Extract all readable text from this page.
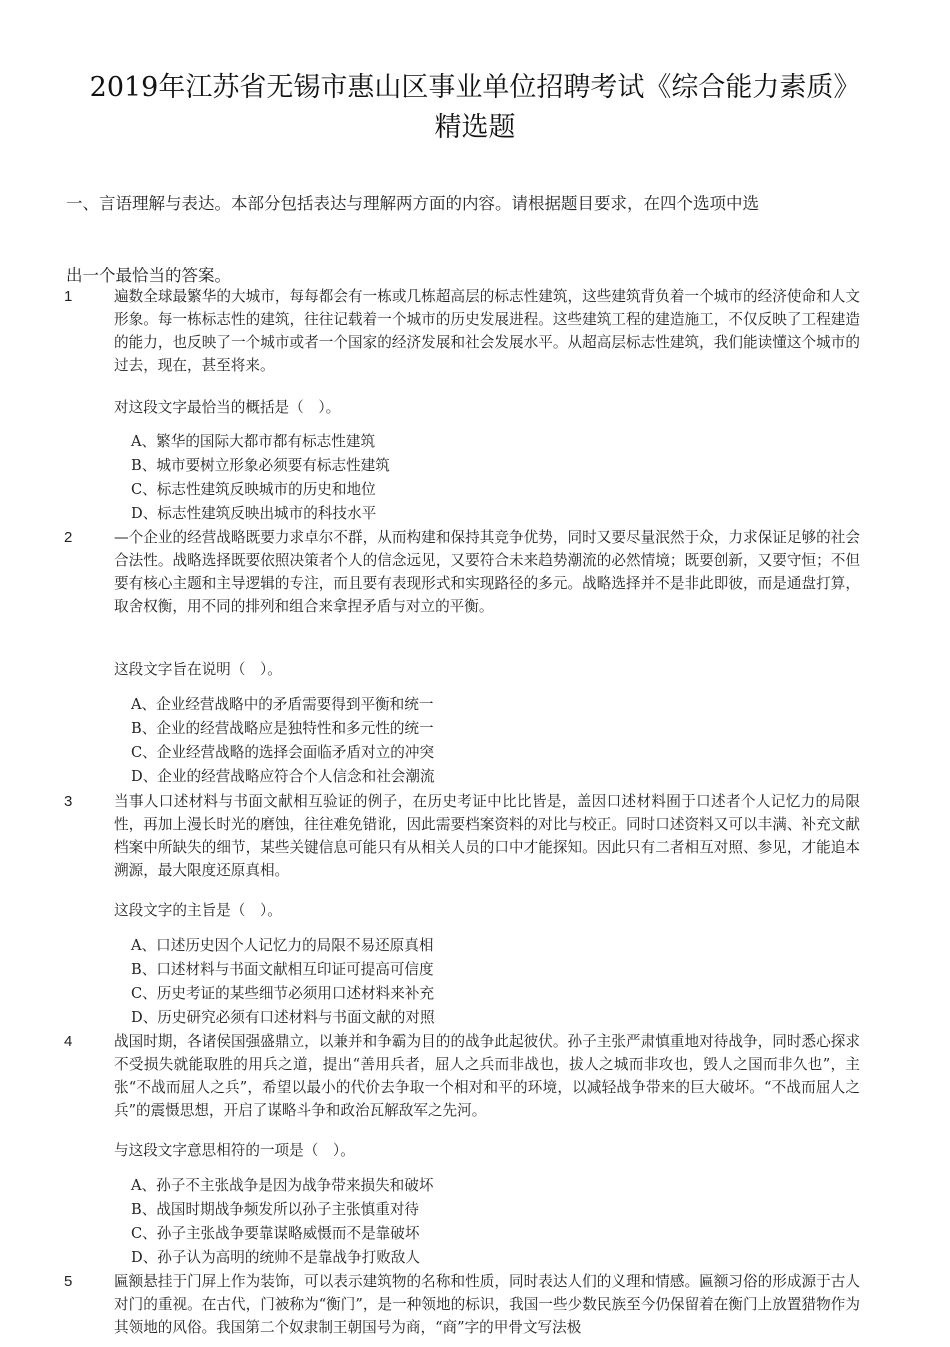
2019年江苏省无锡市惠山区事业单位招聘考试《综合能力素质》
精选题
一、言语理解与表达。本部分包括表达与理解两方面的内容。请根据题目要求，在四个选项中选
出一个最恰当的答案。
1	遍数全球最繁华的大城市，每每都会有一栋或几栋超高层的标志性建筑，这些建筑背负着一个城市的经济使命和人文形象。每一栋标志性的建筑，往往记载着一个城市的历史发展进程。这些建筑工程的建造施工，不仅反映了工程建造的能力，也反映了一个城市或者一个国家的经济发展和社会发展水平。从超高层标志性建筑，我们能读懂这个城市的过去，现在，甚至将来。
对这段文字最恰当的概括是（　）。
A、繁华的国际大都市都有标志性建筑
B、城市要树立形象必须要有标志性建筑
C、标志性建筑反映城市的历史和地位
D、标志性建筑反映出城市的科技水平
2	—个企业的经营战略既要力求卓尔不群，从而构建和保持其竞争优势，同时又要尽量泯然于众，力求保证足够的社会合法性。战略选择既要依照决策者个人的信念远见，又要符合未来趋势潮流的必然情境；既要创新，又要守恒；不但要有核心主题和主导逻辑的专注，而且要有表现形式和实现路径的多元。战略选择并不是非此即彼，而是通盘打算，取舍权衡，用不同的排列和组合来拿捏矛盾与对立的平衡。
这段文字旨在说明（　）。
A、企业经营战略中的矛盾需要得到平衡和统一
B、企业的经营战略应是独特性和多元性的统一
C、企业经营战略的选择会面临矛盾对立的冲突
D、企业的经营战略应符合个人信念和社会潮流
3	当事人口述材料与书面文献相互验证的例子，在历史考证中比比皆是，盖因口述材料囿于口述者个人记忆力的局限性，再加上漫长时光的磨蚀，往往难免错讹，因此需要档案资料的对比与校正。同时口述资料又可以丰满、补充文献档案中所缺失的细节，某些关键信息可能只有从相关人员的口中才能探知。因此只有二者相互对照、参见，才能追本溯源，最大限度还原真相。
这段文字的主旨是（　）。
A、口述历史因个人记忆力的局限不易还原真相
B、口述材料与书面文献相互印证可提高可信度
C、历史考证的某些细节必须用口述材料来补充
D、历史研究必须有口述材料与书面文献的对照
4	战国时期，各诸侯国强盛鼎立，以兼并和争霸为目的的战争此起彼伏。孙子主张严肃慎重地对待战争，同时悉心探求不受损失就能取胜的用兵之道，提出“善用兵者，屈人之兵而非战也，拔人之城而非攻也，毁人之国而非久也”，主张“不战而屈人之兵”，希望以最小的代价去争取一个相对和平的环境，以减轻战争带来的巨大破坏。“不战而屈人之兵”的震慑思想，开启了谋略斗争和政治瓦解敌军之先河。
与这段文字意思相符的一项是（　）。
A、孙子不主张战争是因为战争带来损失和破坏
B、战国时期战争频发所以孙子主张慎重对待
C、孙子主张战争要靠谋略威慑而不是靠破坏
D、孙子认为高明的统帅不是靠战争打败敌人
5	匾额悬挂于门屏上作为装饰，可以表示建筑物的名称和性质，同时表达人们的义理和情感。匾额习俗的形成源于古人对门的重视。在古代，门被称为“衡门”，是一种领地的标识，我国一些少数民族至今仍保留着在衡门上放置猎物作为其领地的风俗。我国第二个奴隶制王朝国号为商，“商”字的甲骨文写法极
